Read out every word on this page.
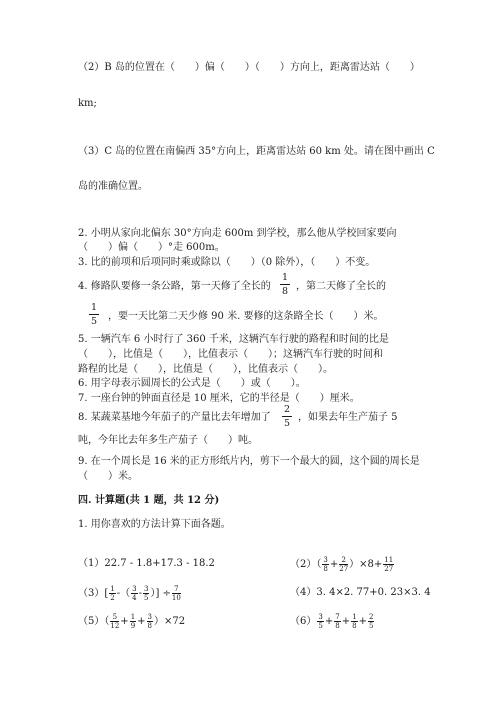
（2）B 岛的位置在（　　）偏（　　）（　　）方向上，距离雷达站（　　）
km;
（3）C 岛的位置在南偏西 35°方向上，距离雷达站 60 km 处。请在图中画出 C
岛的准确位置。
2. 小明从家向北偏东 30°方向走 600m 到学校，那么他从学校回家要向
（　　）偏（　　）°走 600m。
3. 比的前项和后项同时乘或除以（　　）（0 除外），（　　）不变。
4. 修路队要修一条公路，第一天修了全长的
1
8 ，第二天修了全长的
1
5 ，要一天比第二天少修 90 米. 要修的这条路全长（　　）米。
5. 一辆汽车 6 小时行了 360 千米，这辆汽车行驶的路程和时间的比是
（　　），比值是（　　），比值表示（　　）；这辆汽车行驶的时间和
路程的比是（　　），比值是（　　），比值表示（　　）。
6. 用字母表示圆周长的公式是（　　）或（　　）。
7. 一座台钟的钟面直径是 10 厘米，它的半径是（　　）厘米。
8. 某蔬菜基地今年茄子的产量比去年增加了
2
5
，如果去年生产茄子 5
吨，今年比去年多生产茄子（　　）吨。
9. 在一个周长是 16 米的正方形纸片内，剪下一个最大的圆，这个圆的周长是
（　　）米。
四. 计算题(共 1 题，共 12 分)
1. 用你喜欢的方法计算下面各题。
（1）22.7 - 1.8+17.3 - 18.2	（2）（ 3
$8 + \frac{2}{27} )\times 8+ \frac{11}{27}$
（3）[ 1
2 -（ 3
4 - 3
5 ）] ÷ $\frac{7}{10}$	（4）3. 4×2. 77+0. 23×3. 4
（5）（ 5
$12 + \frac{1}{9} + \frac{3}{8} )\times 72$	（6） 3
$5 + \frac{7}{8} + \frac{1}{8} + \frac{2}{5}$
